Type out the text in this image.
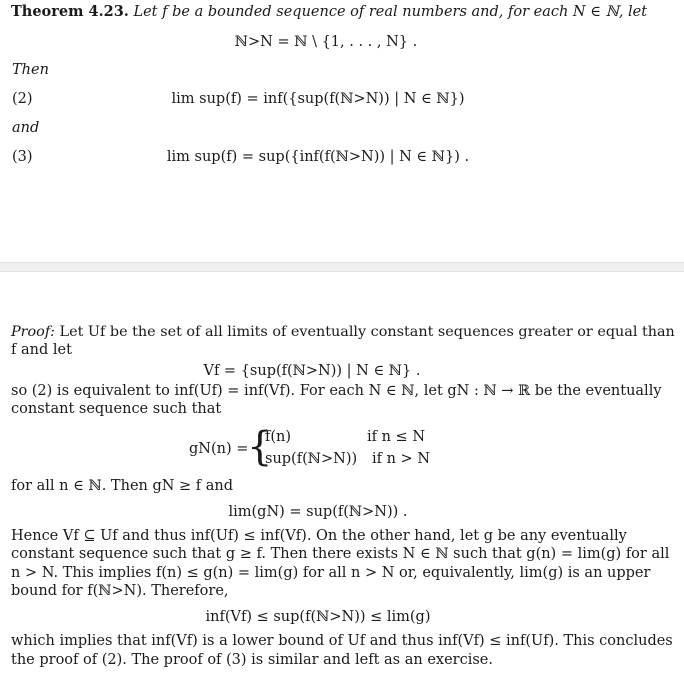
Theorem 4.23. Let f be a bounded sequence of real numbers and, for each N ∈ ℕ, let
ℕ>N = ℕ \ {1, . . . , N} .
Then
(2)	lim sup(f) = inf({sup(f(ℕ>N)) | N ∈ ℕ})
and
(3)	lim sup(f) = sup({inf(f(ℕ>N)) | N ∈ ℕ}) .
Proof: Let Uf be the set of all limits of eventually constant sequences greater or equal than
f and let
Vf = {sup(f(ℕ>N)) | N ∈ ℕ} .
so (2) is equivalent to inf(Uf) = inf(Vf). For each N ∈ ℕ, let gN : ℕ → ℝ be the eventually
constant sequence such that
gN(n) =
{
f(n)	if n ≤ N
sup(f(ℕ>N)) if n > N
for all n ∈ ℕ. Then gN ≥ f and
lim(gN) = sup(f(ℕ>N)) .
Hence Vf ⊆ Uf and thus inf(Uf) ≤ inf(Vf). On the other hand, let g be any eventually
constant sequence such that g ≥ f. Then there exists N ∈ ℕ such that g(n) = lim(g) for all
n > N. This implies f(n) ≤ g(n) = lim(g) for all n > N or, equivalently, lim(g) is an upper
bound for f(ℕ>N). Therefore,
inf(Vf) ≤ sup(f(ℕ>N)) ≤ lim(g)
which implies that inf(Vf) is a lower bound of Uf and thus inf(Vf) ≤ inf(Uf). This concludes
the proof of (2). The proof of (3) is similar and left as an exercise.
